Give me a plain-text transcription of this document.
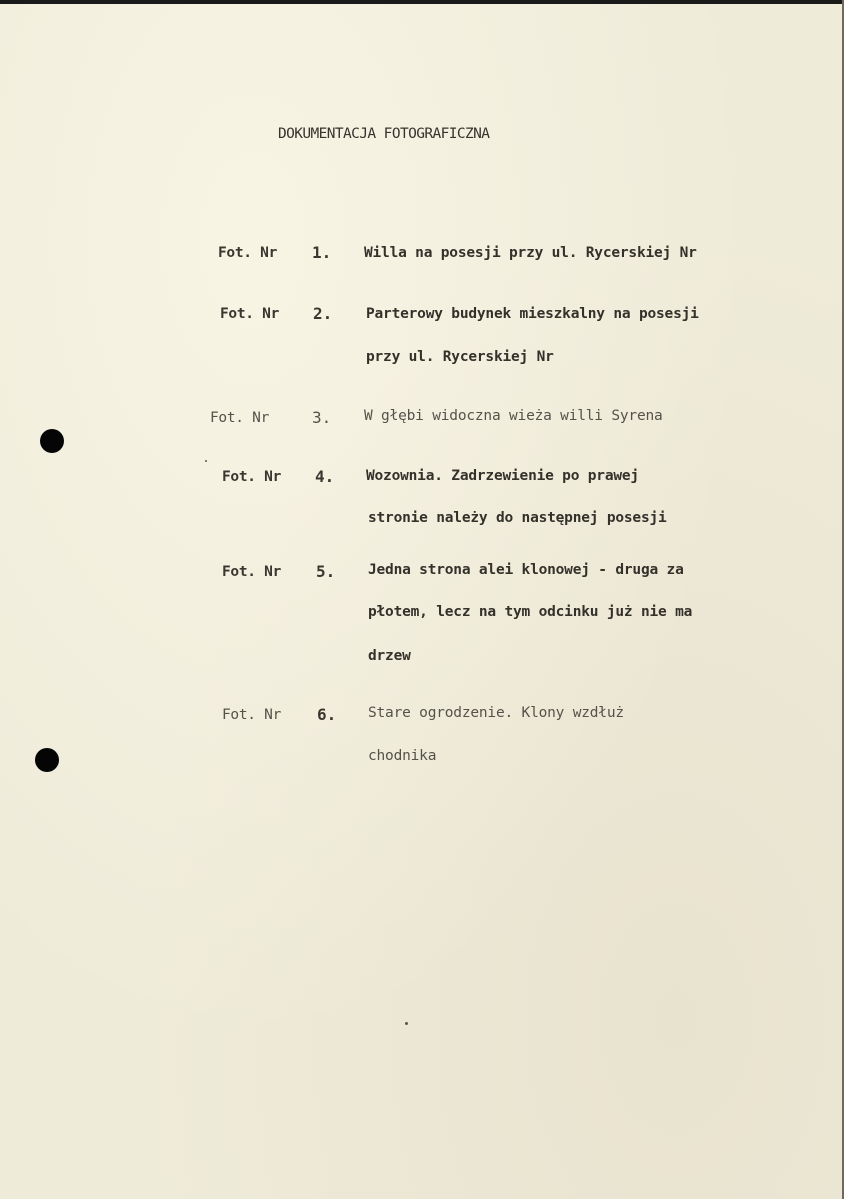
DOKUMENTACJA FOTOGRAFICZNA
Fot. Nr 1. Willa na posesji przy ul. Rycerskiej Nr
Fot. Nr 2. Parterowy budynek mieszkalny na posesji
przy ul. Rycerskiej Nr
Fot. Nr	3. W głębi widoczna wieża willi Syrena
Fot. Nr 4. Wozownia. Zadrzewienie po prawej
stronie należy do następnej posesji
Fot. Nr 5. Jedna strona alei klonowej - druga za
płotem, lecz na tym odcinku już nie ma
drzew
Fot. Nr 6. Stare ogrodzenie. Klony wzdłuż
chodnika
